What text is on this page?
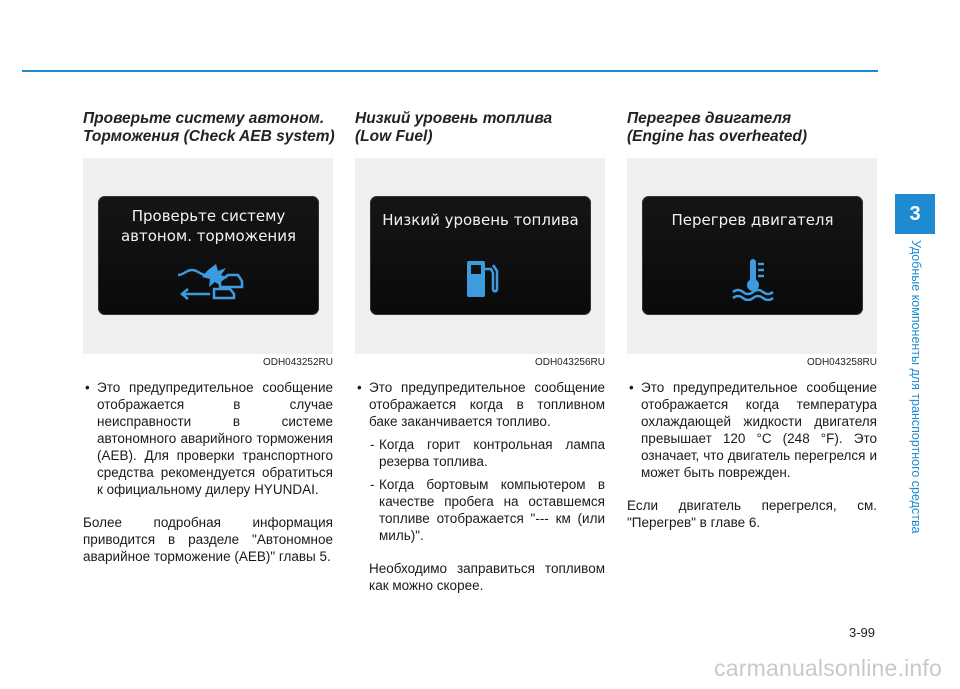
Проверьте систему автоном.
Торможения (Check AEB system)
Проверьте систему
автоном. торможения
ODH043252RU
• Это предупредительное сообщение отображается в случае неисправности в системе автономного аварийного торможения (AEB). Для проверки транспортного средства рекомендуется обратиться к официальному дилеру HYUNDAI.
Более подробная информация приводится в разделе "Автономное аварийное торможение (AEB)" главы 5.
Низкий уровень топлива
(Low Fuel)
Низкий уровень топлива
ODH043256RU
• Это предупредительное сообщение отображается когда в топливном баке заканчивается топливо.
- Когда горит контрольная лампа резерва топлива.
- Когда бортовым компьютером в качестве пробега на оставшемся топливе отображается "--- км (или миль)".
Необходимо заправиться топливом как можно скорее.
Перегрев двигателя
(Engine has overheated)
Перегрев двигателя
ODH043258RU
• Это предупредительное сообщение отображается когда температура охлаждающей жидкости двигателя превышает 120 °C (248 °F). Это означает, что двигатель перегрелся и может быть поврежден.
Если двигатель перегрелся, см. "Перегрев" в главе 6.
3
Удобные компоненты для транспортного средства
3-99
carmanualsonline.info
